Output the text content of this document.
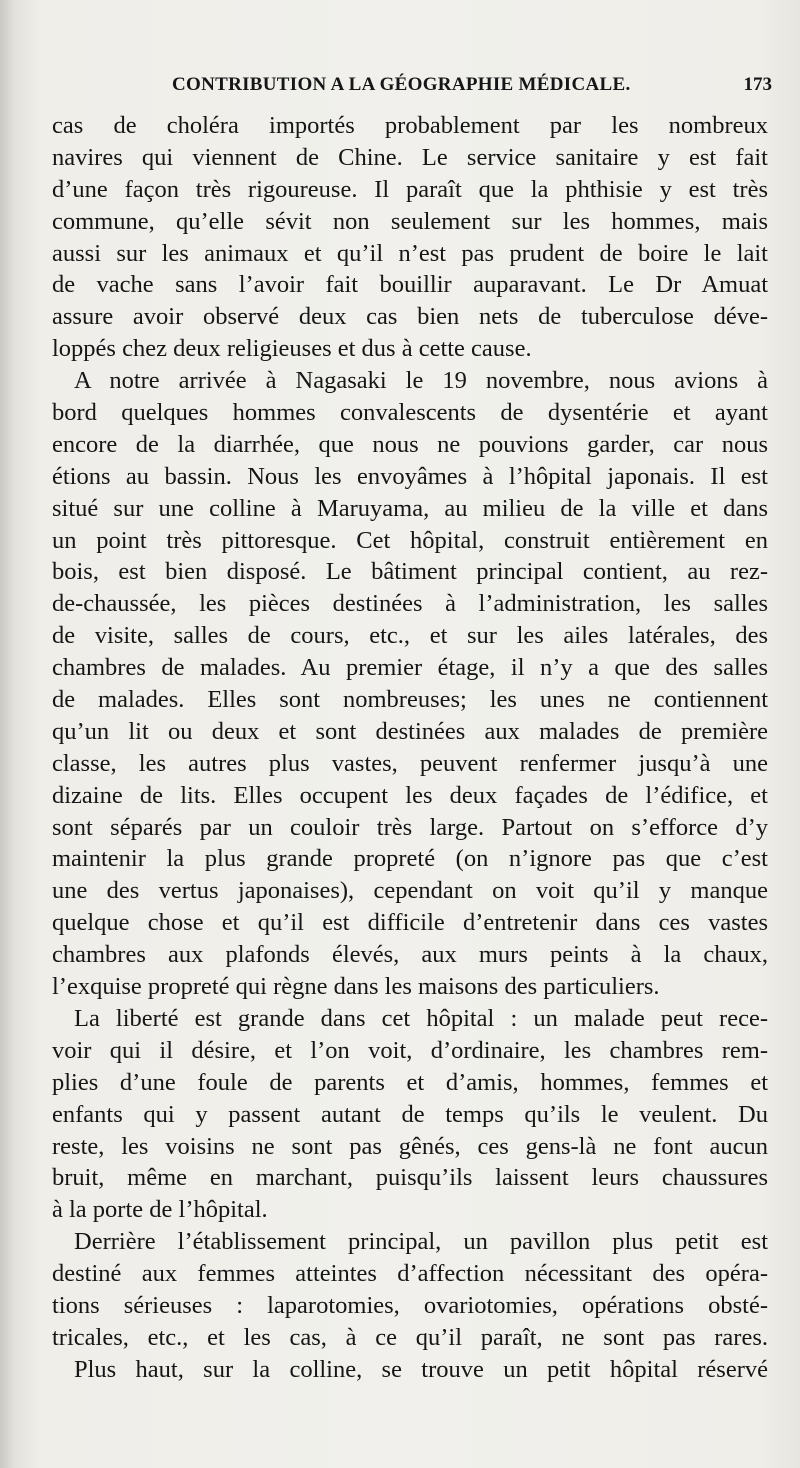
CONTRIBUTION A LA GÉOGRAPHIE MÉDICALE.	173
cas de choléra importés probablement par les nombreux
navires qui viennent de Chine. Le service sanitaire y est fait
d’une façon très rigoureuse. Il paraît que la phthisie y est très
commune, qu’elle sévit non seulement sur les hommes, mais
aussi sur les animaux et qu’il n’est pas prudent de boire le lait
de vache sans l’avoir fait bouillir auparavant. Le Dr Amuat
assure avoir observé deux cas bien nets de tuberculose déve-
loppés chez deux religieuses et dus à cette cause.
A notre arrivée à Nagasaki le 19 novembre, nous avions à
bord quelques hommes convalescents de dysentérie et ayant
encore de la diarrhée, que nous ne pouvions garder, car nous
étions au bassin. Nous les envoyâmes à l’hôpital japonais. Il est
situé sur une colline à Maruyama, au milieu de la ville et dans
un point très pittoresque. Cet hôpital, construit entièrement en
bois, est bien disposé. Le bâtiment principal contient, au rez-
de-chaussée, les pièces destinées à l’administration, les salles
de visite, salles de cours, etc., et sur les ailes latérales, des
chambres de malades. Au premier étage, il n’y a que des salles
de malades. Elles sont nombreuses; les unes ne contiennent
qu’un lit ou deux et sont destinées aux malades de première
classe, les autres plus vastes, peuvent renfermer jusqu’à une
dizaine de lits. Elles occupent les deux façades de l’édifice, et
sont séparés par un couloir très large. Partout on s’efforce d’y
maintenir la plus grande propreté (on n’ignore pas que c’est
une des vertus japonaises), cependant on voit qu’il y manque
quelque chose et qu’il est difficile d’entretenir dans ces vastes
chambres aux plafonds élevés, aux murs peints à la chaux,
l’exquise propreté qui règne dans les maisons des particuliers.
La liberté est grande dans cet hôpital : un malade peut rece-
voir qui il désire, et l’on voit, d’ordinaire, les chambres rem-
plies d’une foule de parents et d’amis, hommes, femmes et
enfants qui y passent autant de temps qu’ils le veulent. Du
reste, les voisins ne sont pas gênés, ces gens-là ne font aucun
bruit, même en marchant, puisqu’ils laissent leurs chaussures
à la porte de l’hôpital.
Derrière l’établissement principal, un pavillon plus petit est
destiné aux femmes atteintes d’affection nécessitant des opéra-
tions sérieuses : laparotomies, ovariotomies, opérations obsté-
tricales, etc., et les cas, à ce qu’il paraît, ne sont pas rares.
Plus haut, sur la colline, se trouve un petit hôpital réservé
